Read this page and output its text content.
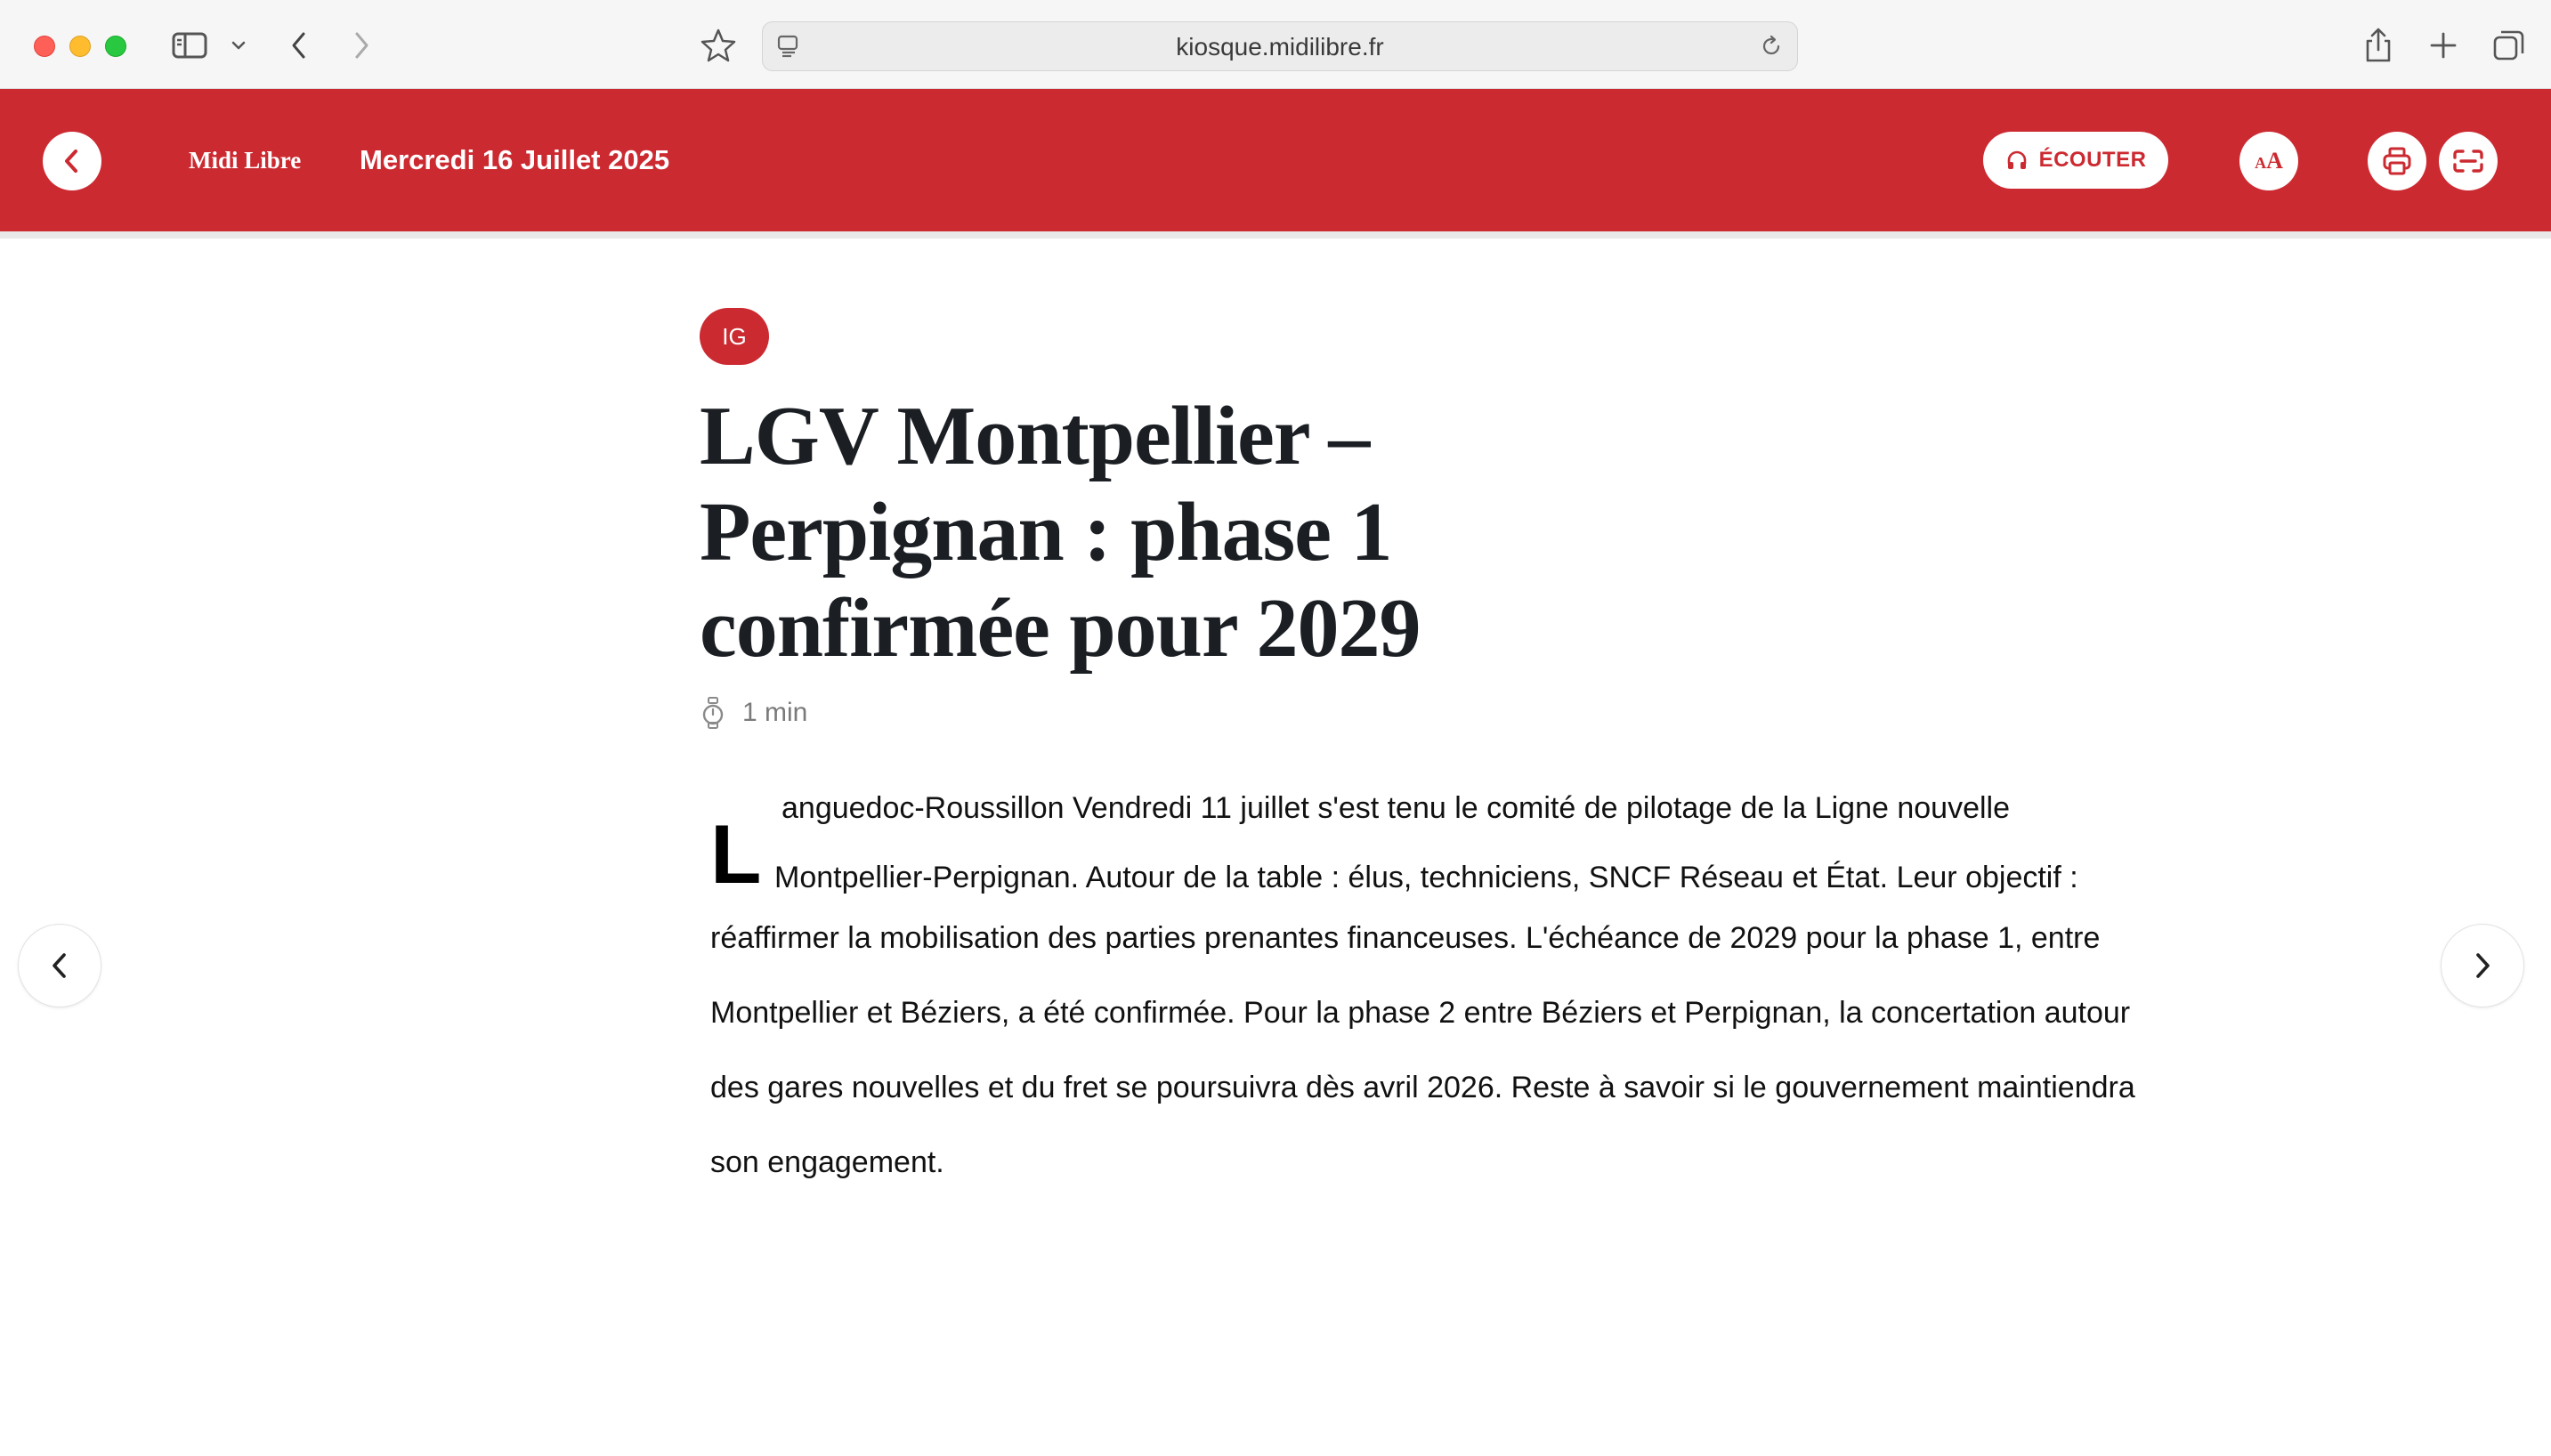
kiosque.midilibre.fr
Midi Libre Mercredi 16 Juillet 2025	ÉCOUTER	AA
IG
LGV Montpellier –
Perpignan : phase 1
confirmée pour 2029
1 min
L anguedoc-Roussillon Vendredi 11 juillet s'est tenu le comité de pilotage de la Ligne nouvelle
Montpellier-Perpignan. Autour de la table : élus, techniciens, SNCF Réseau et État. Leur objectif :
réaffirmer la mobilisation des parties prenantes financeuses. L'échéance de 2029 pour la phase 1, entre
Montpellier et Béziers, a été confirmée. Pour la phase 2 entre Béziers et Perpignan, la concertation autour
des gares nouvelles et du fret se poursuivra dès avril 2026. Reste à savoir si le gouvernement maintiendra
son engagement.
